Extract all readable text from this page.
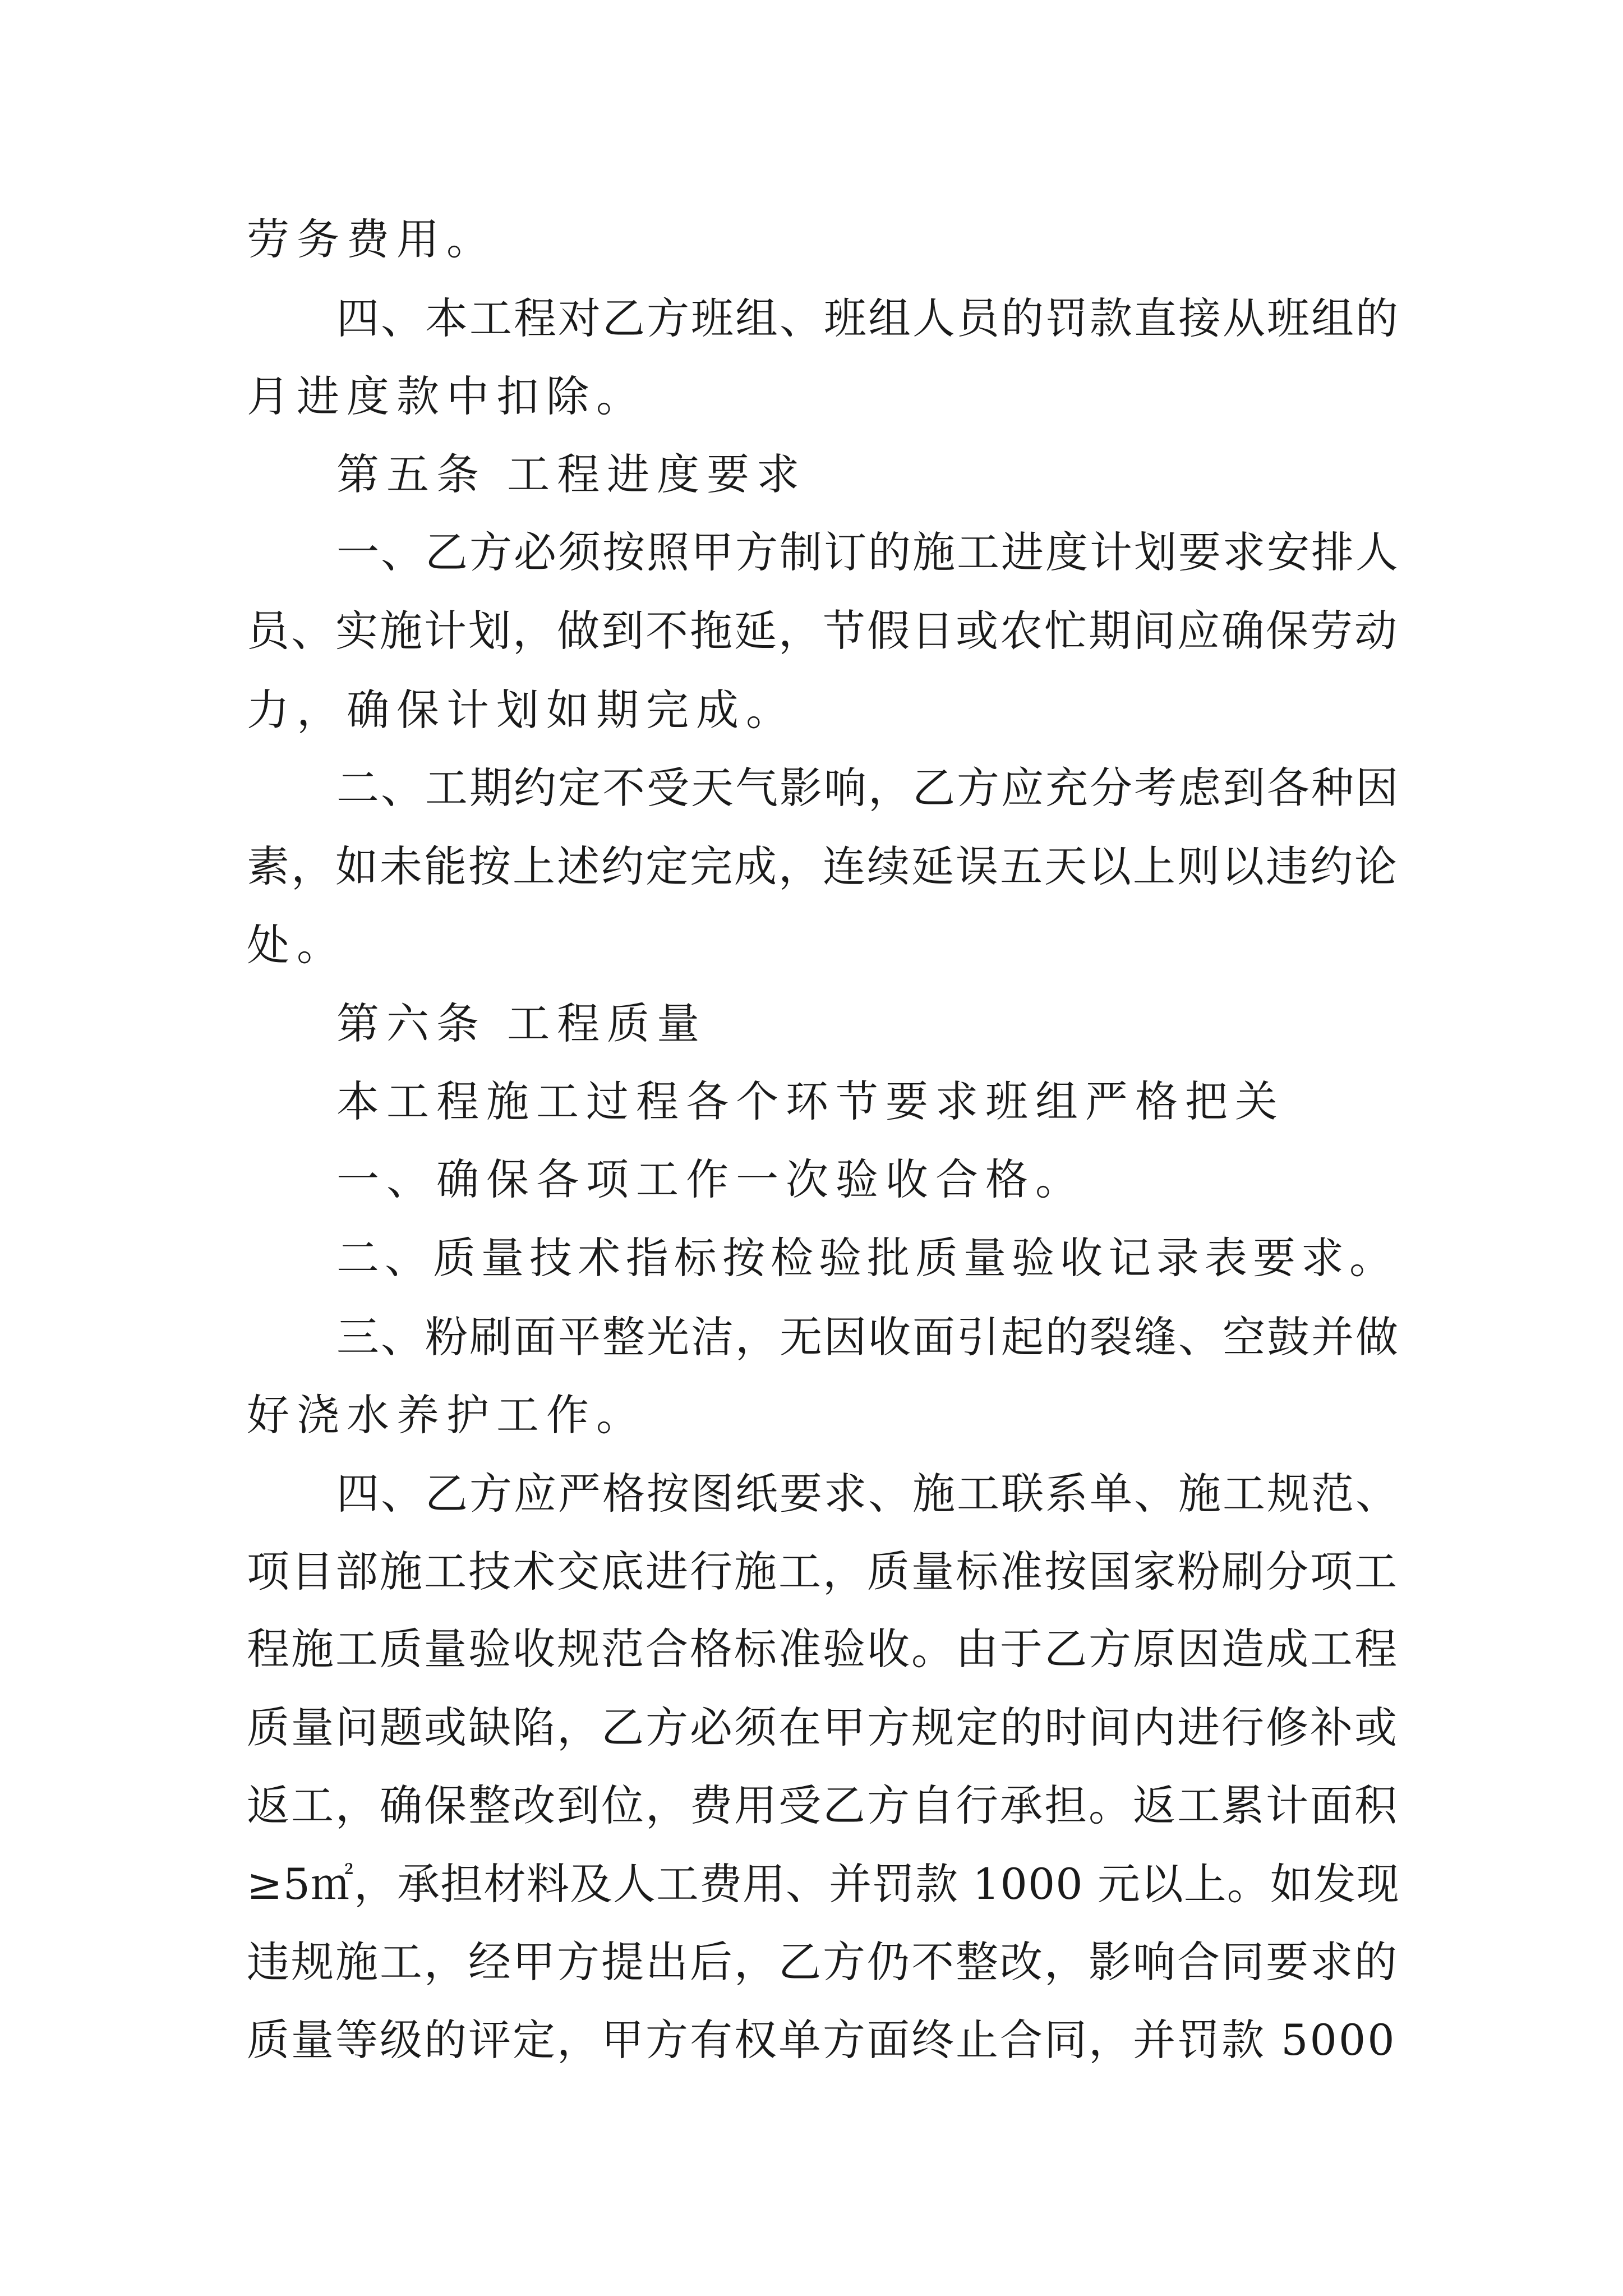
劳务费用。
四、本工程对乙方班组、班组人员的罚款直接从班组的
月进度款中扣除。
第五条 工程进度要求
一、乙方必须按照甲方制订的施工进度计划要求安排人
员、实施计划，做到不拖延，节假日或农忙期间应确保劳动
力，确保计划如期完成。
二、工期约定不受天气影响，乙方应充分考虑到各种因
素，如未能按上述约定完成，连续延误五天以上则以违约论
处。
第六条 工程质量
本工程施工过程各个环节要求班组严格把关
一、确保各项工作一次验收合格。
二、质量技术指标按检验批质量验收记录表要求。
三、粉刷面平整光洁，无因收面引起的裂缝、空鼓并做
好浇水养护工作。
四、乙方应严格按图纸要求、施工联系单、施工规范、
项目部施工技术交底进行施工，质量标准按国家粉刷分项工
程施工质量验收规范合格标准验收。由于乙方原因造成工程
质量问题或缺陷，乙方必须在甲方规定的时间内进行修补或
返工，确保整改到位，费用受乙方自行承担。返工累计面积
≥5㎡，承担材料及人工费用、并罚款 1000 元以上。如发现
违规施工，经甲方提出后，乙方仍不整改，影响合同要求的
质量等级的评定，甲方有权单方面终止合同，并罚款 5000
